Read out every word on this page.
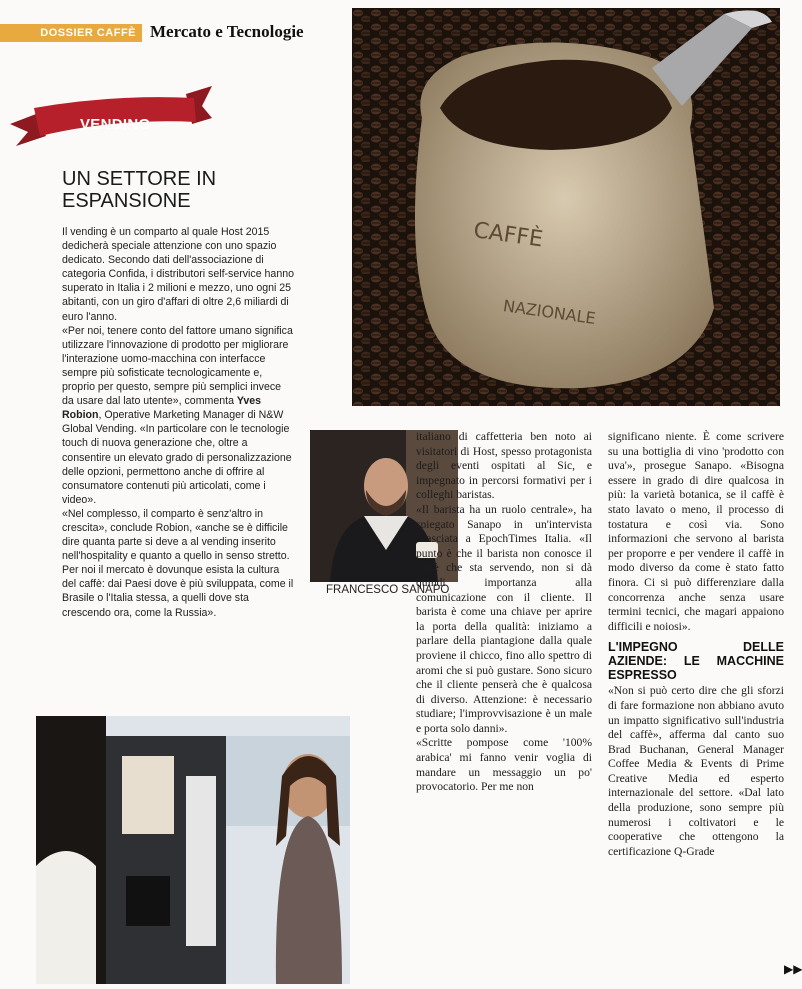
DOSSIER CAFFÈ Mercato e Tecnologie
CAFFÈ
NAZIONALE
VENDING
UN SETTORE IN ESPANSIONE

Il vending è un comparto al quale Host 2015 dedicherà speciale attenzione con uno spazio dedicato. Secondo dati dell'associazione di categoria Confida, i distributori self-service hanno superato in Italia i 2 milioni e mezzo, uno ogni 25 abitanti, con un giro d'affari di oltre 2,6 miliardi di euro l'anno.

«Per noi, tenere conto del fattore umano significa utilizzare l'innovazione di prodotto per migliorare l'interazione uomo-macchina con interfacce sempre più sofisticate tecnologicamente e, proprio per questo, sempre più semplici invece da usare dal lato utente», commenta Yves Robion, Operative Marketing Manager di N&W Global Vending. «In particolare con le tecnologie touch di nuova generazione che, oltre a consentire un elevato grado di personalizzazione delle opzioni, permettono anche di offrire al consumatore contenuti più articolati, come i video».

«Nel complesso, il comparto è senz'altro in crescita», conclude Robion, «anche se è difficile dire quanta parte si deve a al vending inserito nell'hospitality e quanto a quello in senso stretto. Per noi il mercato è dovunque esista la cultura del caffè: dai Paesi dove è più sviluppata, come il Brasile o l'Italia stessa, a quelli dove sta crescendo ora, come la Russia».

FRANCESCO SANAPO

italiano di caffetteria ben noto ai visitatori di Host, spesso protagonista degli eventi ospitati al Sic, e impegnato in percorsi formativi per i colleghi baristas.

«Il barista ha un ruolo centrale», ha spiegato Sanapo in un'intervista rilasciata a EpochTimes Italia. «Il punto è che il barista non conosce il caffè che sta servendo, non si dà quindi importanza alla comunicazione con il cliente. Il barista è come una chiave per aprire la porta della qualità: iniziamo a parlare della piantagione dalla quale proviene il chicco, fino allo spettro di aromi che si può gustare. Sono sicuro che il cliente penserà che è qualcosa di diverso. Attenzione: è necessario studiare; l'improvvisazione è un male e porta solo danni».

«Scritte pompose come '100% arabica' mi fanno venir voglia di mandare un messaggio un po' provocatorio. Per me non

significano niente. È come scrivere su una bottiglia di vino 'prodotto con uva'», prosegue Sanapo. «Bisogna essere in grado di dire qualcosa in più: la varietà botanica, se il caffè è stato lavato o meno, il processo di tostatura e così via. Sono informazioni che servono al barista per proporre e per vendere il caffè in modo diverso da come è stato fatto finora. Ci si può differenziare dalla concorrenza anche senza usare termini tecnici, che magari appaiono difficili e noiosi».

L'IMPEGNO DELLE AZIENDE: LE MACCHINE ESPRESSO

«Non si può certo dire che gli sforzi di fare formazione non abbiano avuto un impatto significativo sull'industria del caffè», afferma dal canto suo Brad Buchanan, General Manager Coffee Media & Events di Prime Creative Media ed esperto internazionale del settore. «Dal lato della produzione, sono sempre più numerosi i coltivatori e le cooperative che ottengono la certificazione Q-Grade

▶▶
